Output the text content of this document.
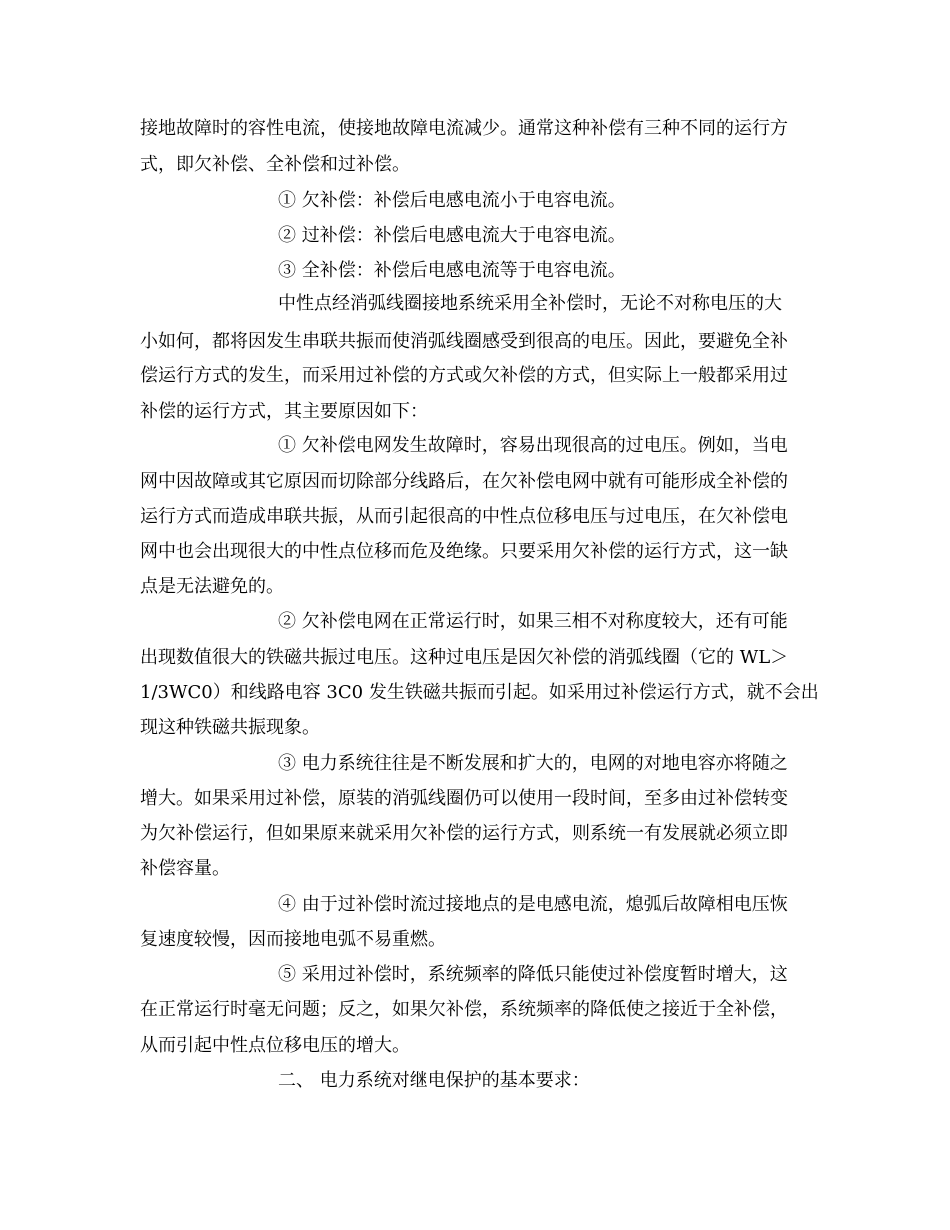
接地故障时的容性电流，使接地故障电流减少。通常这种补偿有三种不同的运行方
式，即欠补偿、全补偿和过补偿。
① 欠补偿：补偿后电感电流小于电容电流。
② 过补偿：补偿后电感电流大于电容电流。
③ 全补偿：补偿后电感电流等于电容电流。
中性点经消弧线圈接地系统采用全补偿时，无论不对称电压的大
小如何，都将因发生串联共振而使消弧线圈感受到很高的电压。因此，要避免全补
偿运行方式的发生，而采用过补偿的方式或欠补偿的方式，但实际上一般都采用过
补偿的运行方式，其主要原因如下：
① 欠补偿电网发生故障时，容易出现很高的过电压。例如，当电
网中因故障或其它原因而切除部分线路后，在欠补偿电网中就有可能形成全补偿的
运行方式而造成串联共振，从而引起很高的中性点位移电压与过电压，在欠补偿电
网中也会出现很大的中性点位移而危及绝缘。只要采用欠补偿的运行方式，这一缺
点是无法避免的。
② 欠补偿电网在正常运行时，如果三相不对称度较大，还有可能
出现数值很大的铁磁共振过电压。这种过电压是因欠补偿的消弧线圈（它的 WL＞
1/3WC0）和线路电容 3C0 发生铁磁共振而引起。如采用过补偿运行方式，就不会出
现这种铁磁共振现象。
③ 电力系统往往是不断发展和扩大的，电网的对地电容亦将随之
增大。如果采用过补偿，原装的消弧线圈仍可以使用一段时间，至多由过补偿转变
为欠补偿运行，但如果原来就采用欠补偿的运行方式，则系统一有发展就必须立即
补偿容量。
④ 由于过补偿时流过接地点的是电感电流，熄弧后故障相电压恢
复速度较慢，因而接地电弧不易重燃。
⑤ 采用过补偿时，系统频率的降低只能使过补偿度暂时增大，这
在正常运行时毫无问题；反之，如果欠补偿，系统频率的降低使之接近于全补偿，
从而引起中性点位移电压的增大。
二、 电力系统对继电保护的基本要求：
